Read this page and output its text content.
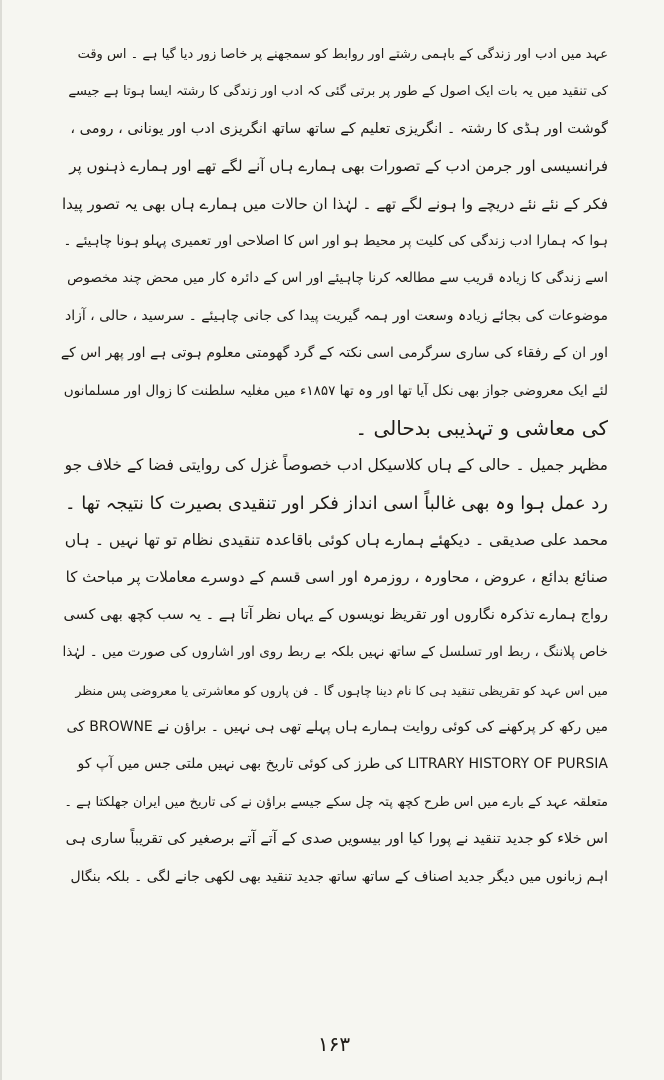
عہد میں ادب اور زندگی کے باہمی رشتے اور روابط کو سمجھنے پر خاصا زور دیا گیا ہے ۔ اس وقت
کی تنقید میں یہ بات ایک اصول کے طور پر برتی گئی کہ ادب اور زندگی کا رشتہ ایسا ہوتا ہے جیسے
گوشت اور ہڈی کا رشتہ ۔ انگریزی تعلیم کے ساتھ ساتھ انگریزی ادب اور یونانی ، رومی ،
فرانسیسی اور جرمن ادب کے تصورات بھی ہمارے ہاں آنے لگے تھے اور ہمارے ذہنوں پر
فکر کے نئے نئے دریچے وا ہونے لگے تھے ۔ لہٰذا ان حالات میں ہمارے ہاں بھی یہ تصور پیدا
ہوا کہ ہمارا ادب زندگی کی کلیت پر محیط ہو اور اس کا اصلاحی اور تعمیری پہلو ہونا چاہیئے ۔
اسے زندگی کا زیادہ قریب سے مطالعہ کرنا چاہیئے اور اس کے دائرہ کار میں محض چند مخصوص
موضوعات کی بجائے زیادہ وسعت اور ہمہ گیریت پیدا کی جانی چاہیئے ۔ سرسید ، حالی ، آزاد
اور ان کے رفقاء کی ساری سرگرمی اسی نکتہ کے گرد گھومتی معلوم ہوتی ہے اور پھر اس کے
لئے ایک معروضی جواز بھی نکل آیا تھا اور وہ تھا ۱۸۵۷ء میں مغلیہ سلطنت کا زوال اور مسلمانوں
کی معاشی و تہذیبی بدحالی ۔
مظہر جمیل ۔ حالی کے ہاں کلاسیکل ادب خصوصاً غزل کی روایتی فضا کے خلاف جو
رد عمل ہوا وہ بھی غالباً اسی انداز فکر اور تنقیدی بصیرت کا نتیجہ تھا ۔
محمد علی صدیقی ۔ دیکھئے ہمارے ہاں کوئی باقاعدہ تنقیدی نظام تو تھا نہیں ۔ ہاں
صنائع بدائع ، عروض ، محاورہ ، روزمرہ اور اسی قسم کے دوسرے معاملات پر مباحث کا
رواج ہمارے تذکرہ نگاروں اور تقریظ نویسوں کے یہاں نظر آتا ہے ۔ یہ سب کچھ بھی کسی
خاص پلاننگ ، ربط اور تسلسل کے ساتھ نہیں بلکہ بے ربط روی اور اشاروں کی صورت میں ۔ لہٰذا
میں اس عہد کو تقریظی تنقید ہی کا نام دینا چاہوں گا ۔ فن پاروں کو معاشرتی یا معروضی پس منظر
میں رکھ کر پرکھنے کی کوئی روایت ہمارے ہاں پہلے تھی ہی نہیں ۔ براؤن نے BROWNE کی
LITRARY HISTORY OF PURSIA کی طرز کی کوئی تاریخ بھی نہیں ملتی جس میں آپ کو
متعلقہ عہد کے بارے میں اس طرح کچھ پتہ چل سکے جیسے براؤن نے کی تاریخ میں ایران جھلکتا ہے ۔
اس خلاء کو جدید تنقید نے پورا کیا اور بیسویں صدی کے آتے آتے برصغیر کی تقریباً ساری ہی
اہم زبانوں میں دیگر جدید اصناف کے ساتھ ساتھ جدید تنقید بھی لکھی جانے لگی ۔ بلکہ بنگال
۱۶۳
